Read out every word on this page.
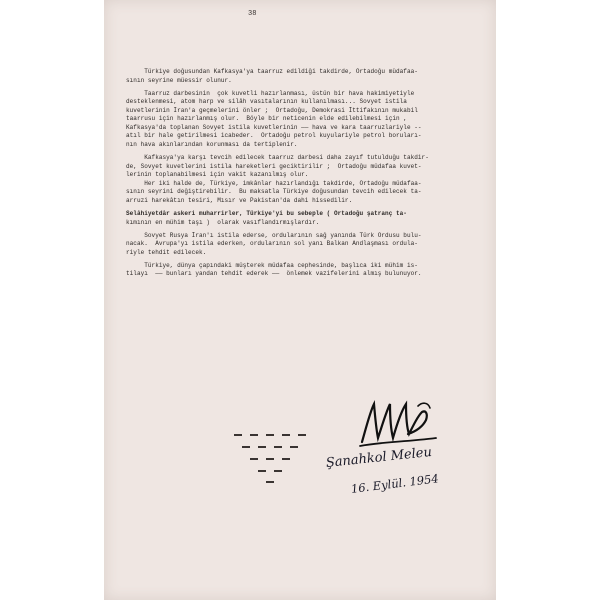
38
Türkiye doğusundan Kafkasya'ya taarruz edildiği takdirde, Ortadoğu müdafaa-
sının seyrine müessir olunur.
Taarruz darbesinin  çok kuvetli hazırlanması, üstün bir hava hakimiyetiyle
desteklenmesi, atom harp ve silâh vasıtalarının kullanılması... Sovyet istila
kuvetlerinin İran'a geçmelerini önler ;  Ortadoğu, Demokrasi İttifakının mukabil
taarrusu için hazırlanmış olur.  Böyle bir neticenin elde edilebilmesi için ,
Kafkasya'da toplanan Sovyet istila kuvetlerinin —— hava ve kara taarruzlariyle --
atıl bir hale getirilmesi icabeder.  Ortadoğu petrol kuyulariyle petrol boruları-
nın hava akınlarından korunması da tertiplenir.
Kafkasya'ya karşı tevcih edilecek taarruz darbesi daha zayıf tutulduğu takdir-
de, Sovyet kuvetlerini istila hareketleri geciktirilir ;  Ortadoğu müdafaa kuvet-
lerinin toplanabilmesi için vakit kazanılmış olur.
Her iki halde de, Türkiye, imkânlar hazırlandığı takdirde, Ortadoğu müdafaa-
sının seyrini değiştirebilir.  Bu maksatla Türkiye doğusundan tevcih edilecek ta-
arruzi harekâtın tesiri, Mısır ve Pakistan'da dahi hissedilir.
Selâhiyetdâr askeri muharrirler, Türkiye'yi bu sebeple ( Ortadoğu şatranç ta-
kımının en mühim taşı )  olarak vasıflandırmışlardır.
Sovyet Rusya İran'ı istila ederse, ordularının sağ yanında Türk Ordusu bulu-
nacak.  Avrupa'yı istila ederken, ordularının sol yanı Balkan Andlaşması ordula-
riyle tehdit edilecek.
Türkiye, dünya çapındaki müşterek müdafaa cephesinde, başlıca iki mühim is-
tilayı  —— bunları yandan tehdit ederek ——  önlemek vazifelerini almış bulunuyor.
Şanahkol Meleu
16. Eylül. 1954
